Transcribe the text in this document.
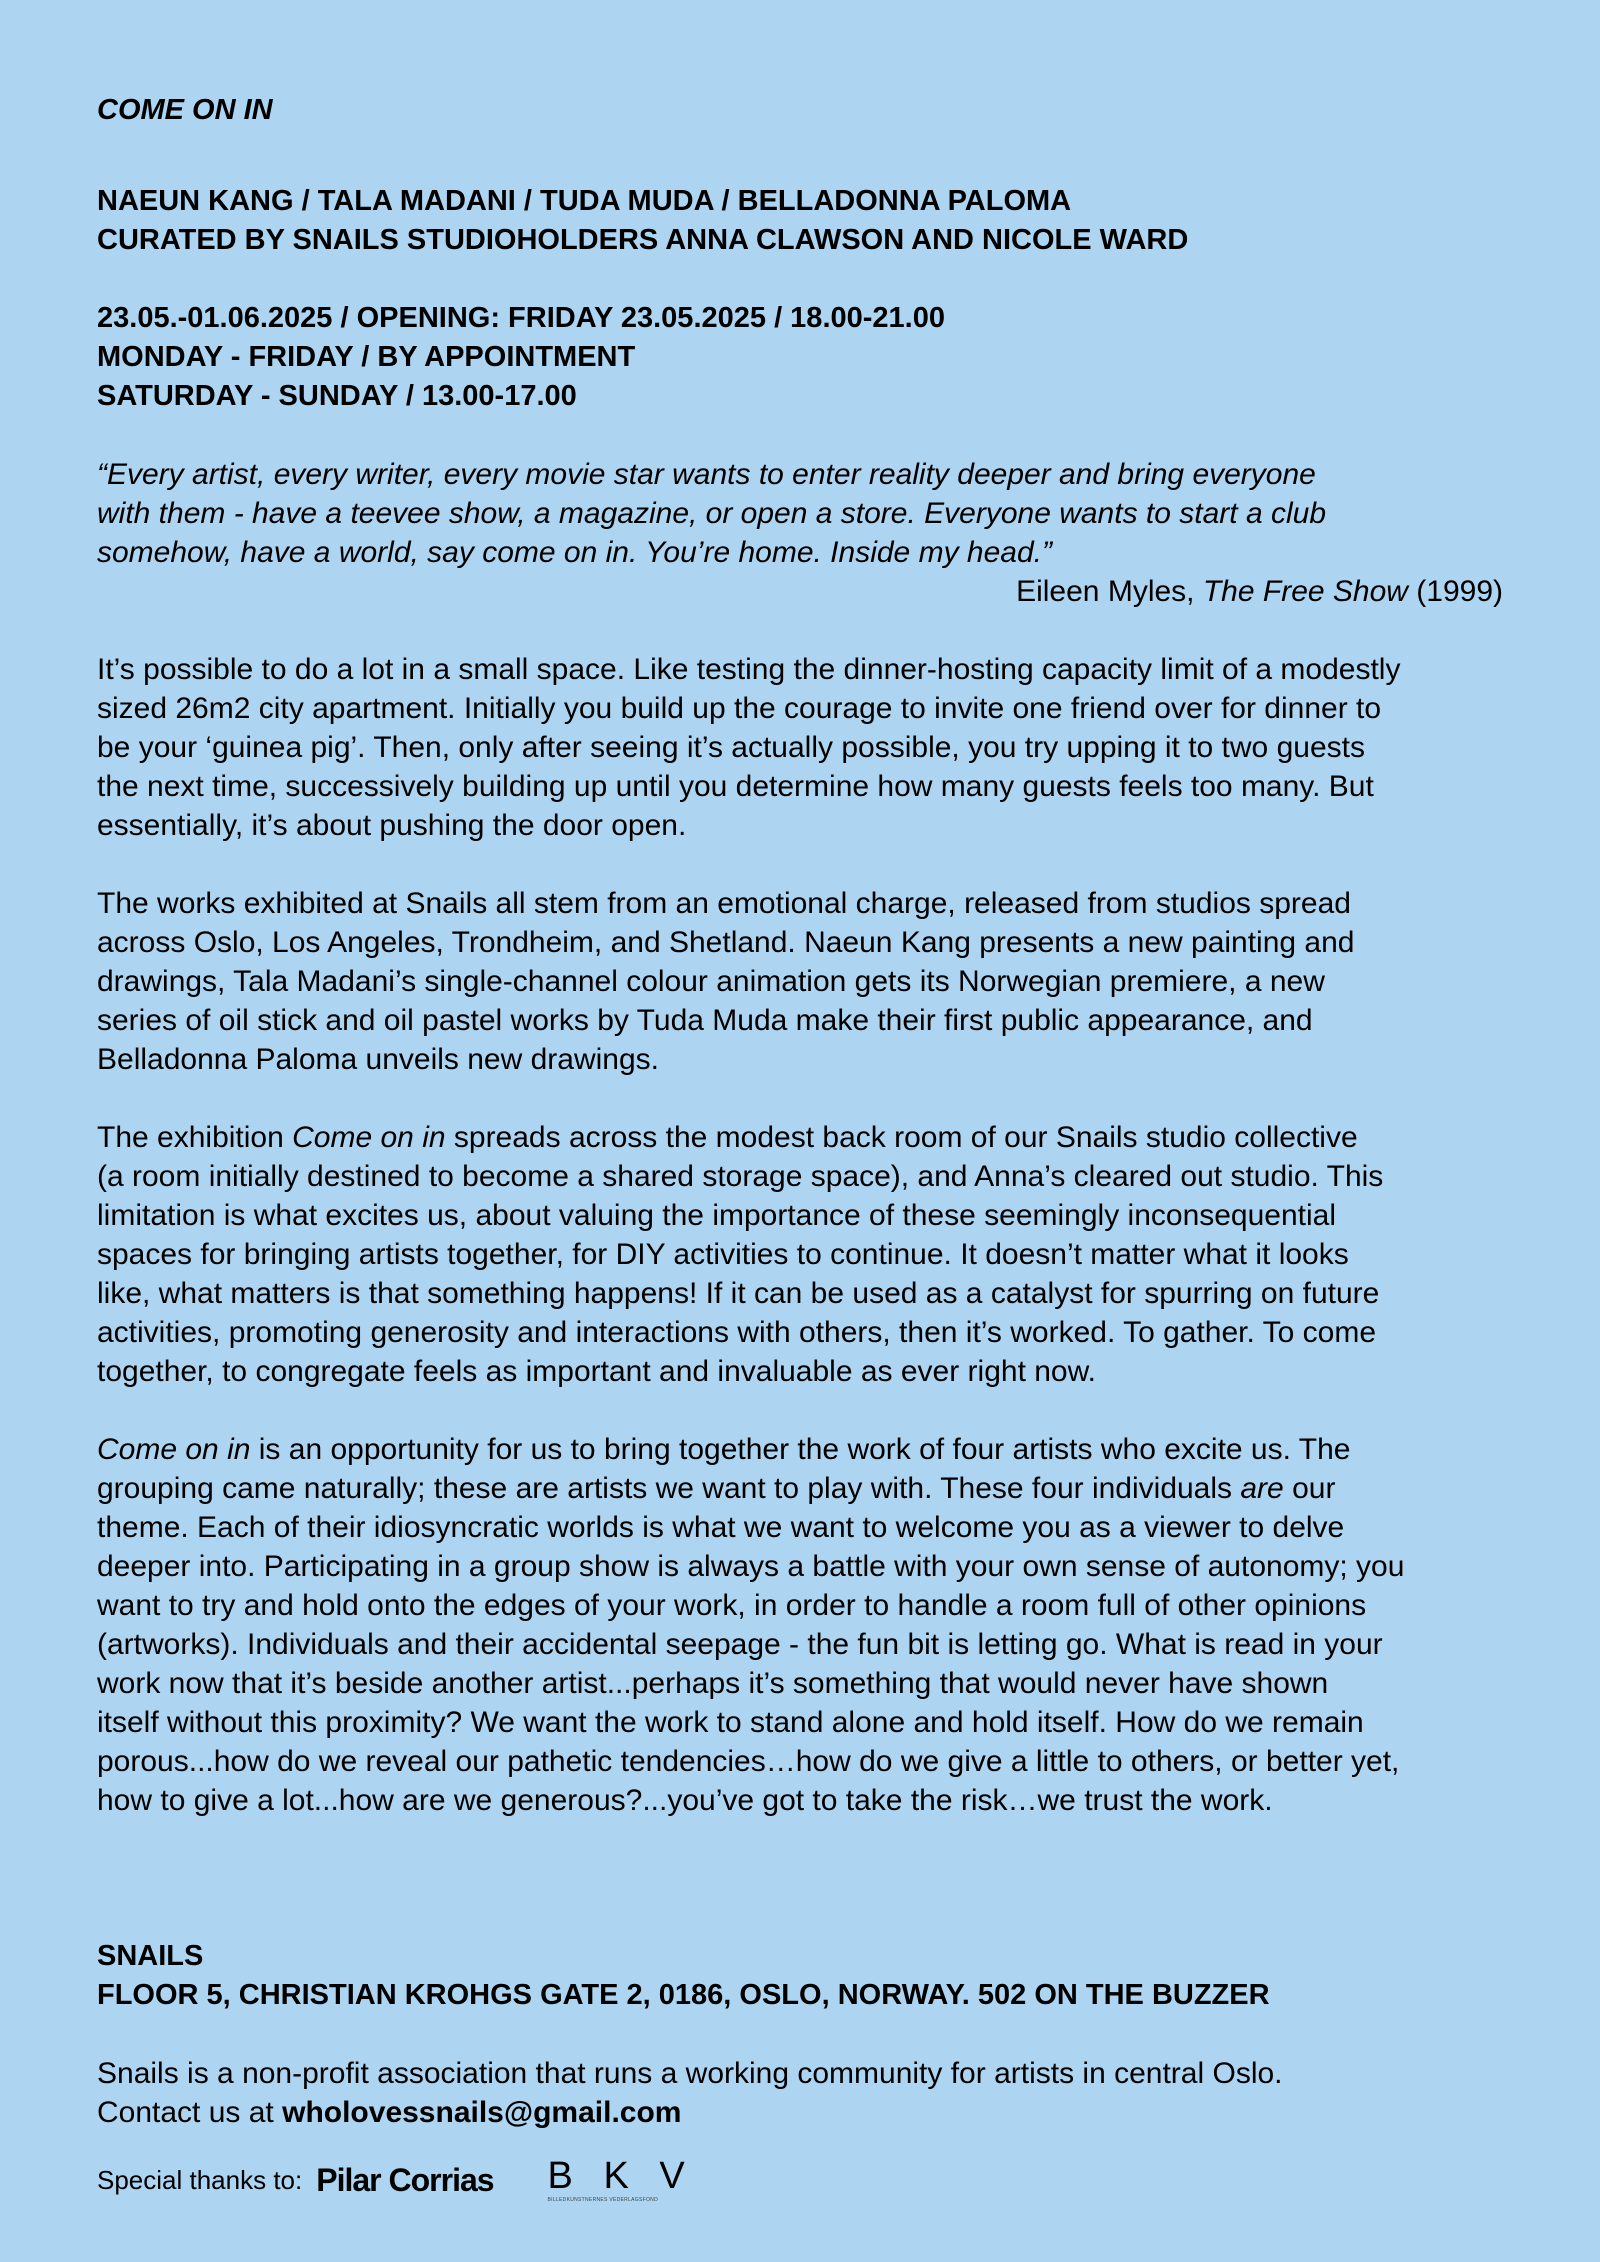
COME ON IN
NAEUN KANG / TALA MADANI / TUDA MUDA / BELLADONNA PALOMA
CURATED BY SNAILS STUDIOHOLDERS ANNA CLAWSON AND NICOLE WARD
23.05.-01.06.2025 / OPENING: FRIDAY 23.05.2025 / 18.00-21.00
MONDAY - FRIDAY / BY APPOINTMENT
SATURDAY - SUNDAY / 13.00-17.00
“Every artist, every writer, every movie star wants to enter reality deeper and bring everyone
with them - have a teevee show, a magazine, or open a store. Everyone wants to start a club
somehow, have a world, say come on in. You’re home. Inside my head.”
Eileen Myles, The Free Show (1999)
It’s possible to do a lot in a small space. Like testing the dinner-hosting capacity limit of a modestly
sized 26m2 city apartment. Initially you build up the courage to invite one friend over for dinner to
be your ‘guinea pig’. Then, only after seeing it’s actually possible, you try upping it to two guests
the next time, successively building up until you determine how many guests feels too many. But
essentially, it’s about pushing the door open.
The works exhibited at Snails all stem from an emotional charge, released from studios spread
across Oslo, Los Angeles, Trondheim, and Shetland. Naeun Kang presents a new painting and
drawings, Tala Madani’s single-channel colour animation gets its Norwegian premiere, a new
series of oil stick and oil pastel works by Tuda Muda make their first public appearance, and
Belladonna Paloma unveils new drawings.
The exhibition Come on in spreads across the modest back room of our Snails studio collective
(a room initially destined to become a shared storage space), and Anna’s cleared out studio. This
limitation is what excites us, about valuing the importance of these seemingly inconsequential
spaces for bringing artists together, for DIY activities to continue. It doesn’t matter what it looks
like, what matters is that something happens! If it can be used as a catalyst for spurring on future
activities, promoting generosity and interactions with others, then it’s worked. To gather. To come
together, to congregate feels as important and invaluable as ever right now.
Come on in is an opportunity for us to bring together the work of four artists who excite us. The
grouping came naturally; these are artists we want to play with. These four individuals are our
theme. Each of their idiosyncratic worlds is what we want to welcome you as a viewer to delve
deeper into. Participating in a group show is always a battle with your own sense of autonomy; you
want to try and hold onto the edges of your work, in order to handle a room full of other opinions
(artworks). Individuals and their accidental seepage - the fun bit is letting go. What is read in your
work now that it’s beside another artist...perhaps it’s something that would never have shown
itself without this proximity? We want the work to stand alone and hold itself. How do we remain
porous...how do we reveal our pathetic tendencies…how do we give a little to others, or better yet,
how to give a lot...how are we generous?...you’ve got to take the risk…we trust the work.
SNAILS
FLOOR 5, CHRISTIAN KROHGS GATE 2, 0186, OSLO, NORWAY. 502 ON THE BUZZER
Snails is a non-profit association that runs a working community for artists in central Oslo.
Contact us at wholovessnails@gmail.com
Special thanks to: Pilar Corrias B K V
BILLEDKUNSTNERNES VEDERLAGSFOND
